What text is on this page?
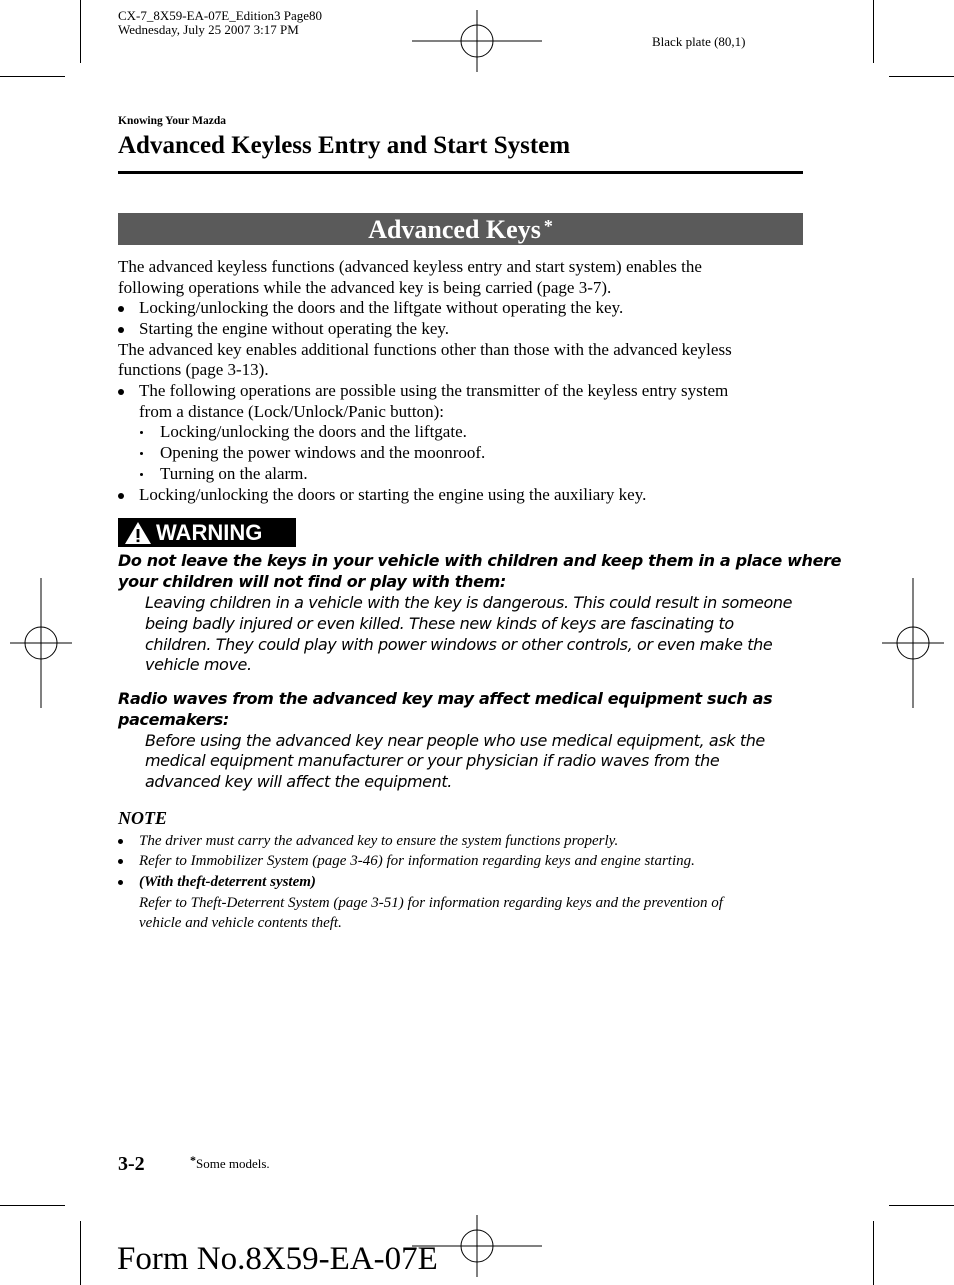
CX-7_8X59-EA-07E_Edition3 Page80
Wednesday, July 25 2007 3:17 PM
Black plate (80,1)
Knowing Your Mazda
Advanced Keyless Entry and Start System
Advanced Keys *
The advanced keyless functions (advanced keyless entry and start system) enables the
following operations while the advanced key is being carried (page 3-7).
Locking/unlocking the doors and the liftgate without operating the key.
Starting the engine without operating the key.
The advanced key enables additional functions other than those with the advanced keyless
functions (page 3-13).
The following operations are possible using the transmitter of the keyless entry system
from a distance (Lock/Unlock/Panic button):
Locking/unlocking the doors and the liftgate.
Opening the power windows and the moonroof.
Turning on the alarm.
Locking/unlocking the doors or starting the engine using the auxiliary key.
WARNING
Do not leave the keys in your vehicle with children and keep them in a place where
your children will not find or play with them:
Leaving children in a vehicle with the key is dangerous. This could result in someone
being badly injured or even killed. These new kinds of keys are fascinating to
children. They could play with power windows or other controls, or even make the
vehicle move.
Radio waves from the advanced key may affect medical equipment such as
pacemakers:
Before using the advanced key near people who use medical equipment, ask the
medical equipment manufacturer or your physician if radio waves from the
advanced key will affect the equipment.
NOTE
The driver must carry the advanced key to ensure the system functions properly.
Refer to Immobilizer System (page 3-46) for information regarding keys and engine starting.
(With theft-deterrent system)
Refer to Theft-Deterrent System (page 3-51) for information regarding keys and the prevention of
vehicle and vehicle contents theft.
3-2	*Some models.
Form No.8X59-EA-07E
